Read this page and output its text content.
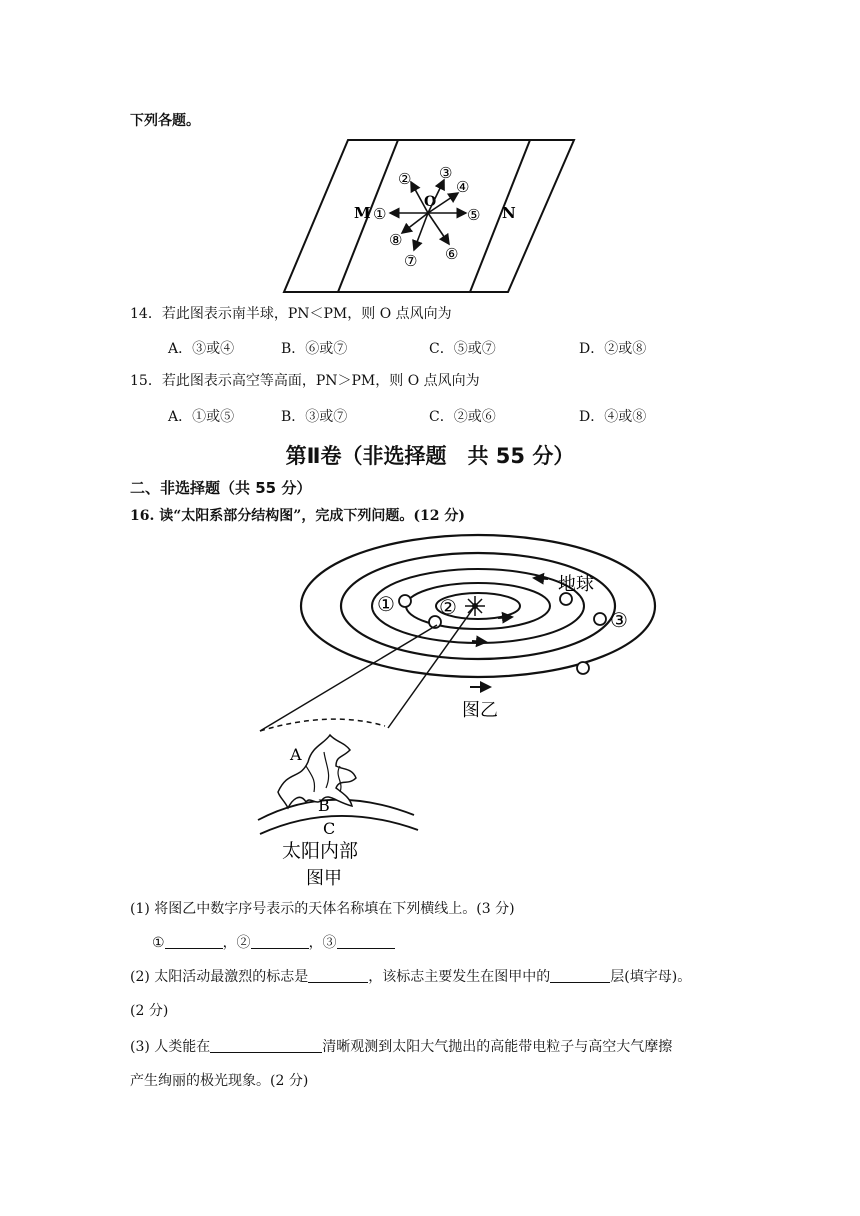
下列各题。
M	N
O
①
② ③
④
⑤
⑥
⑦
⑧
14．若此图表示南半球，PN＜PM，则 O 点风向为
A．③或④	B．⑥或⑦	C．⑤或⑦	D．②或⑧
15．若此图表示高空等高面，PN＞PM，则 O 点风向为
A．①或⑤	B．③或⑦	C．②或⑥	D．④或⑧
第Ⅱ卷（非选择题　共 55 分）
二、非选择题（共 55 分）
16. 读“太阳系部分结构图”，完成下列问题。(12 分)
地球
① ②
③
图乙
A
B
C
太阳内部
图甲
(1) 将图乙中数字序号表示的天体名称填在下列横线上。(3 分)
①	，②	，③
(2) 太阳活动最激烈的标志是	，该标志主要发生在图甲中的	层(填字母)。
(2 分)
(3) 人类能在	清晰观测到太阳大气抛出的高能带电粒子与高空大气摩擦
产生绚丽的极光现象。(2 分)
